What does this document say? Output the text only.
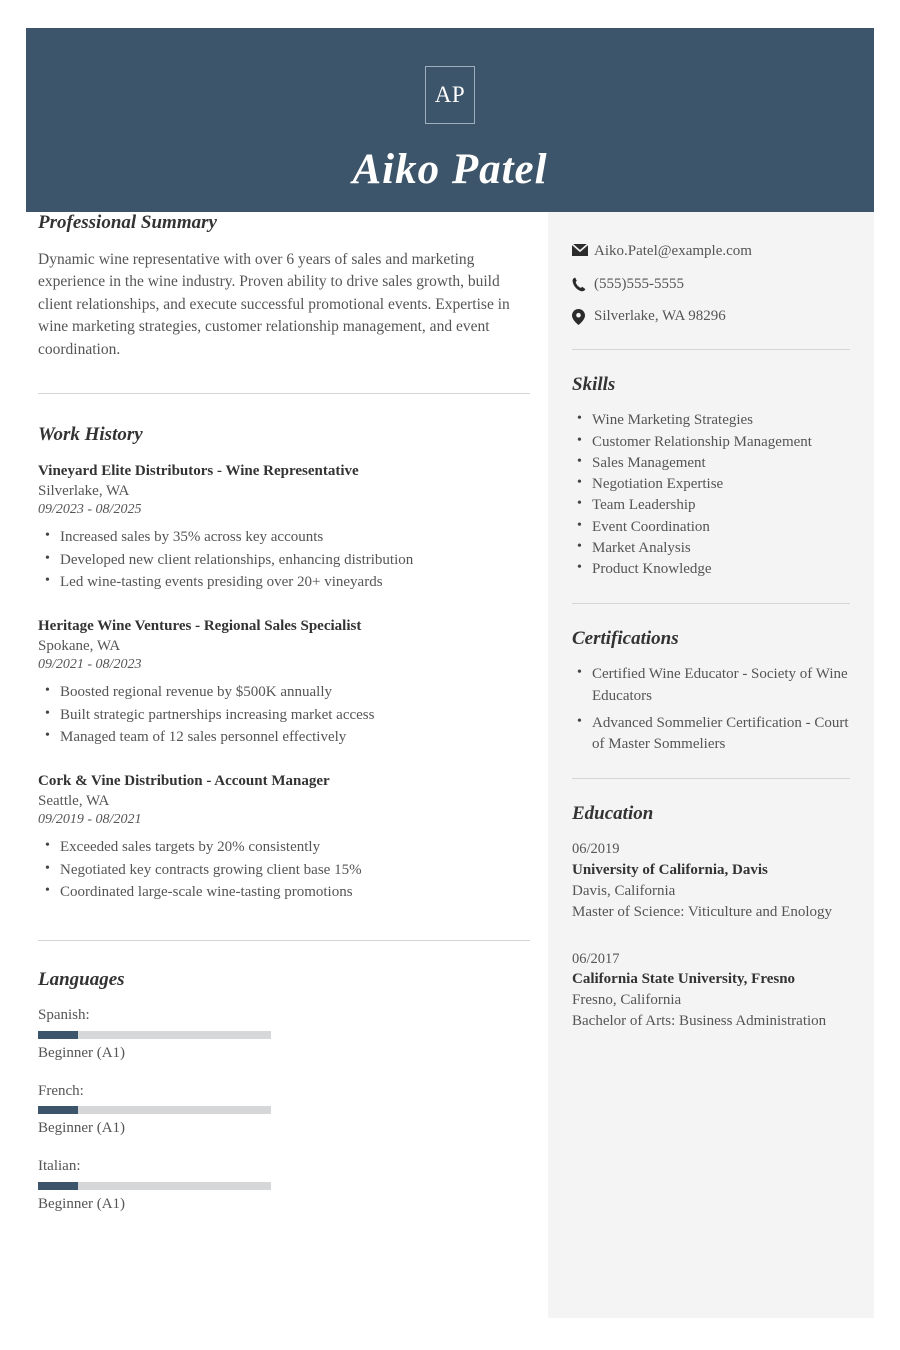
AP
Aiko Patel
Aiko.Patel@example.com
(555)555-5555
Silverlake, WA 98296
Skills
• Wine Marketing Strategies
• Customer Relationship Management
• Sales Management
• Negotiation Expertise
• Team Leadership
• Event Coordination
• Market Analysis
• Product Knowledge
Certifications
• Certified Wine Educator - Society of Wine Educators
• Advanced Sommelier Certification - Court of Master Sommeliers
Education
06/2019
University of California, Davis
Davis, California
Master of Science: Viticulture and Enology
06/2017
California State University, Fresno
Fresno, California
Bachelor of Arts: Business Administration
Professional Summary

Dynamic wine representative with over 6 years of sales and marketing experience in the wine industry. Proven ability to drive sales growth, build client relationships, and execute successful promotional events. Expertise in wine marketing strategies, customer relationship management, and event coordination.

Work History
Vineyard Elite Distributors - Wine Representative
Silverlake, WA
09/2023 - 08/2025
• Increased sales by 35% across key accounts
• Developed new client relationships, enhancing distribution
• Led wine-tasting events presiding over 20+ vineyards
Heritage Wine Ventures - Regional Sales Specialist
Spokane, WA
09/2021 - 08/2023
• Boosted regional revenue by $500K annually
• Built strategic partnerships increasing market access
• Managed team of 12 sales personnel effectively
Cork & Vine Distribution - Account Manager
Seattle, WA
09/2019 - 08/2021
• Exceeded sales targets by 20% consistently
• Negotiated key contracts growing client base 15%
• Coordinated large-scale wine-tasting promotions
Languages
Spanish:
Beginner (A1)
French:
Beginner (A1)
Italian:
Beginner (A1)
